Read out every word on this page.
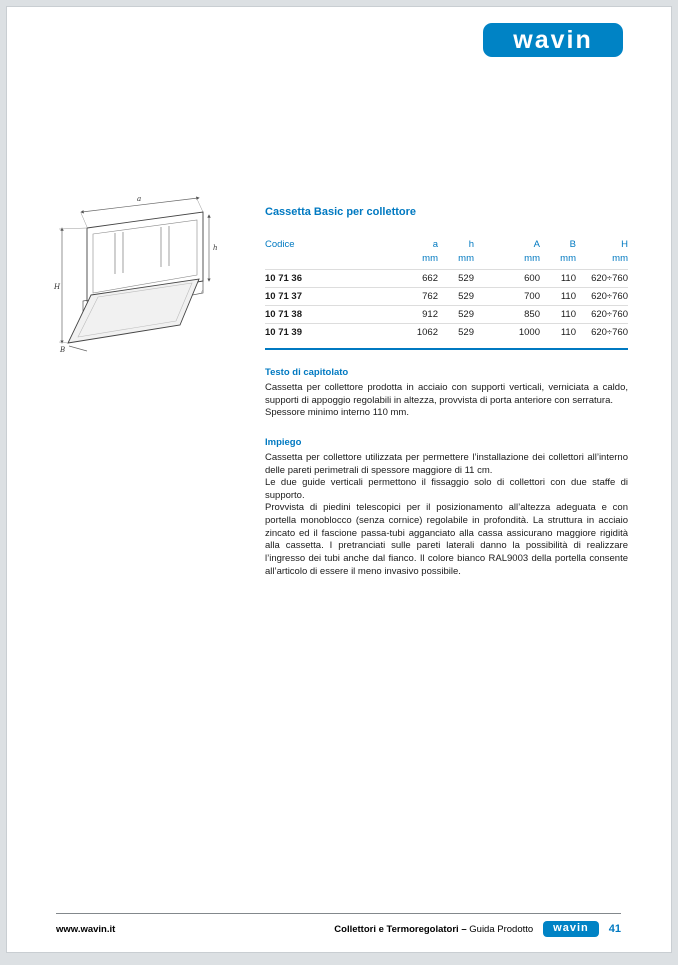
wavin
a
h
H
B
Cassetta Basic per collettore
Codice	a	h	A	B	H
	mm	mm	mm	mm	mm
10 71 36	662	529	600	110	620÷760
10 71 37	762	529	700	110	620÷760
10 71 38	912	529	850	110	620÷760
10 71 39	1062	529	1000	110	620÷760
Testo di capitolato

Cassetta per collettore prodotta in acciaio con supporti verticali, verniciata a caldo, supporti di appoggio regolabili in altezza, provvista di porta anteriore con serratura.

Spessore minimo interno 110 mm.

Impiego

Cassetta per collettore utilizzata per permettere l’installazione dei collettori all’interno delle pareti perimetrali di spessore maggiore di 11 cm.

Le due guide verticali permettono il fissaggio solo di collettori con due staffe di supporto.

Provvista di piedini telescopici per il posizionamento all’altezza adeguata e con portella monoblocco (senza cornice) regolabile in profondità. La struttura in acciaio zincato ed il fascione passa-tubi agganciato alla cassa assicurano maggiore rigidità alla cassetta. I pretranciati sulle pareti laterali danno la possibilità di realizzare l’ingresso dei tubi anche dal fianco. Il colore bianco RAL9003 della portella consente all’articolo di essere il meno invasivo possibile.

www.wavin.it	Collettori e Termoregolatori – Guida Prodotto	wavin	41
